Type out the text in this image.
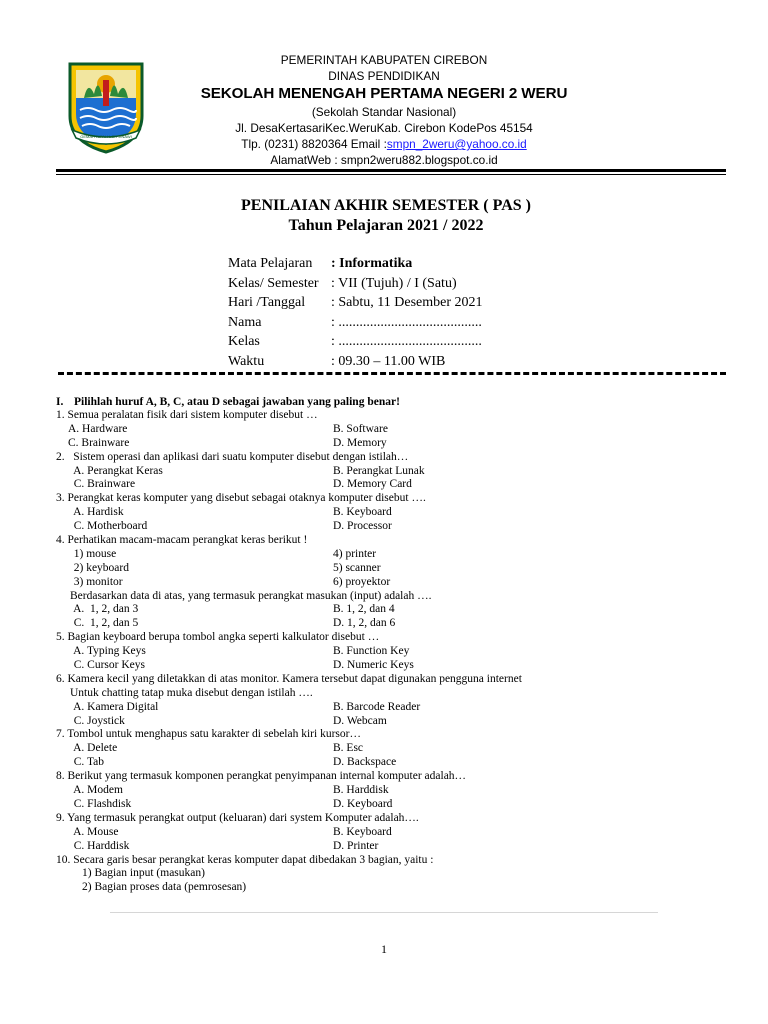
GEMAH RIPAH LOH JINAWI
PEMERINTAH KABUPATEN CIREBON
DINAS PENDIDIKAN
SEKOLAH MENENGAH PERTAMA NEGERI 2 WERU
(Sekolah Standar Nasional)
Jl. DesaKertasariKec.WeruKab. Cirebon KodePos 45154
Tlp. (0231) 8820364 Email :smpn_2weru@yahoo.co.id
AlamatWeb : smpn2weru882.blogspot.co.id
PENILAIAN AKHIR SEMESTER ( PAS )
Tahun Pelajaran 2021 / 2022
Mata Pelajaran : Informatika
Kelas/ Semester : VII (Tujuh) / I (Satu)
Hari /Tanggal : Sabtu, 11 Desember 2021
Nama	: .........................................
Kelas	: .........................................
Waktu	: 09.30 – 11.00 WIB
I. Pilihlah huruf A, B, C, atau D sebagai jawaban yang paling benar!
1. Semua peralatan fisik dari sistem komputer disebut …
A. Hardware	B. Software
C. Brainware	D. Memory
2.   Sistem operasi dan aplikasi dari suatu komputer disebut dengan istilah…
A. Perangkat Keras	B. Perangkat Lunak
C. Brainware	D. Memory Card
3. Perangkat keras komputer yang disebut sebagai otaknya komputer disebut ….
A. Hardisk	B. Keyboard
C. Motherboard	D. Processor
4. Perhatikan macam-macam perangkat keras berikut !
1) mouse	4) printer
2) keyboard	5) scanner
3) monitor	6) proyektor
Berdasarkan data di atas, yang termasuk perangkat masukan (input) adalah ….
A.  1, 2, dan 3	B. 1, 2, dan 4
C.  1, 2, dan 5	D. 1, 2, dan 6
5. Bagian keyboard berupa tombol angka seperti kalkulator disebut …
A. Typing Keys	B. Function Key
C. Cursor Keys	D. Numeric Keys
6. Kamera kecil yang diletakkan di atas monitor. Kamera tersebut dapat digunakan pengguna internet
Untuk chatting tatap muka disebut dengan istilah ….
A. Kamera Digital	B. Barcode Reader
C. Joystick	D. Webcam
7. Tombol untuk menghapus satu karakter di sebelah kiri kursor…
A. Delete	B. Esc
C. Tab	D. Backspace
8. Berikut yang termasuk komponen perangkat penyimpanan internal komputer adalah…
A. Modem	B. Harddisk
C. Flashdisk	D. Keyboard
9. Yang termasuk perangkat output (keluaran) dari system Komputer adalah….
A. Mouse	B. Keyboard
C. Harddisk	D. Printer
10. Secara garis besar perangkat keras komputer dapat dibedakan 3 bagian, yaitu :
1) Bagian input (masukan)
2) Bagian proses data (pemrosesan)
1
